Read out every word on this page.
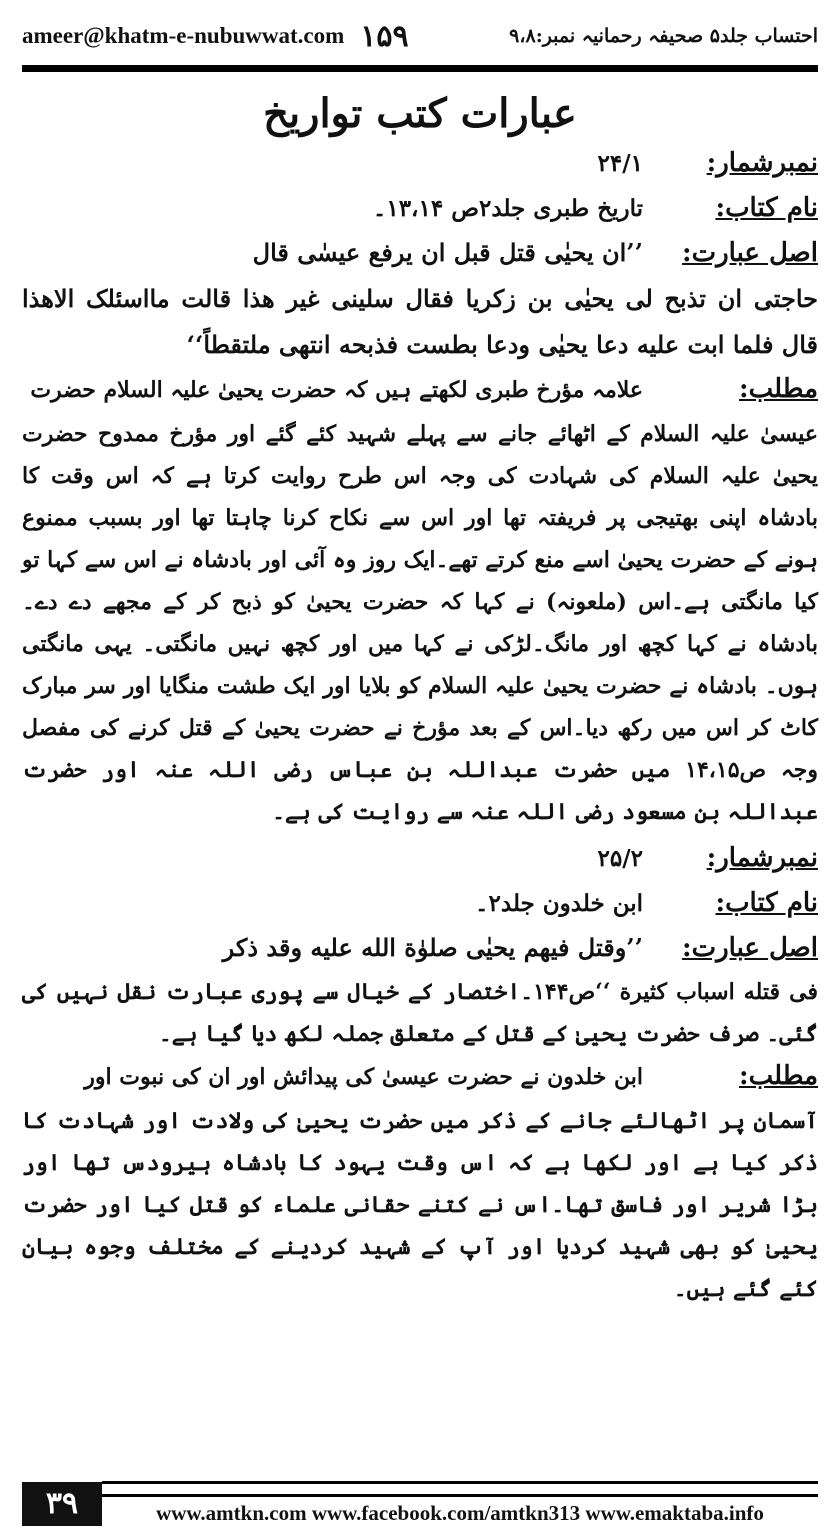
ameer@khatm-e-nubuwwat.com ۱۵۹	احتساب جلد۵ صحیفہ رحمانیہ نمبر:۹،۸
عبارات کتب تواریخ
نمبرشمار:
۲۴/۱
نام کتاب:
تاریخ طبری جلد۲ص ۱۳،۱۴۔
اصل عبارت:
’’ان یحیٰی قتل قبل ان یرفع عیسٰی قال
حاجتی ان تذبح لی یحیٰی بن زکریا فقال سلینی غیر هذا قالت مااسئلک الاهذا قال فلما ابت علیه دعا یحیٰی ودعا بطست فذبحه انتهی ملتقطاً‘‘
مطلب:
علامہ مؤرخ طبری لکھتے ہیں کہ حضرت یحییٰ علیہ السلام حضرت
عیسیٰ علیہ السلام کے اٹھائے جانے سے پہلے شہید کئے گئے اور مؤرخ ممدوح حضرت یحییٰ علیہ السلام کی شہادت کی وجہ اس طرح روایت کرتا ہے کہ اس وقت کا بادشاہ اپنی بھتیجی پر فریفتہ تھا اور اس سے نکاح کرنا چاہتا تھا اور بسبب ممنوع ہونے کے حضرت یحییٰ اسے منع کرتے تھے۔ایک روز وہ آئی اور بادشاہ نے اس سے کہا تو کیا مانگتی ہے۔اس (ملعونہ) نے کہا کہ حضرت یحییٰ کو ذبح کر کے مجھے دے دے۔ بادشاہ نے کہا کچھ اور مانگ۔لڑکی نے کہا میں اور کچھ نہیں مانگتی۔ یہی مانگتی ہوں۔ بادشاہ نے حضرت یحییٰ علیہ السلام کو بلایا اور ایک طشت منگایا اور سر مبارک کاٹ کر اس میں رکھ دیا۔اس کے بعد مؤرخ نے حضرت یحییٰ کے قتل کرنے کی مفصل وجہ ص۱۴،۱۵ میں حضرت عبداللہ بن عباس رضی اللہ عنہ اور حضرت عبداللہ بن مسعود رضی اللہ عنہ سے روایت کی ہے۔
نمبرشمار:
۲۵/۲
نام کتاب:
ابن خلدون جلد۲۔
اصل عبارت:
’’وقتل فیهم یحیٰی صلوٰة الله علیه وقد ذکر
فی قتله اسباب کثیرة ‘‘ص۱۴۴۔اختصار کے خیال سے پوری عبارت نقل نہیں کی گئی۔ صرف حضرت یحییٰ کے قتل کے متعلق جملہ لکھ دیا گیا ہے۔
مطلب:
ابن خلدون نے حضرت عیسیٰ کی پیدائش اور ان کی نبوت اور
آسمان پر اٹھالئے جانے کے ذکر میں حضرت یحییٰ کی ولادت اور شہادت کا ذکر کیا ہے اور لکھا ہے کہ اس وقت یہود کا بادشاہ ہیرودس تھا اور بڑا شریر اور فاسق تھا۔اس نے کتنے حقانی علماء کو قتل کیا اور حضرت یحییٰ کو بھی شہید کردیا اور آپ کے شہید کردینے کے مختلف وجوہ بیان کئے گئے ہیں۔
۳۹	www.amtkn.com www.facebook.com/amtkn313 www.emaktaba.info
